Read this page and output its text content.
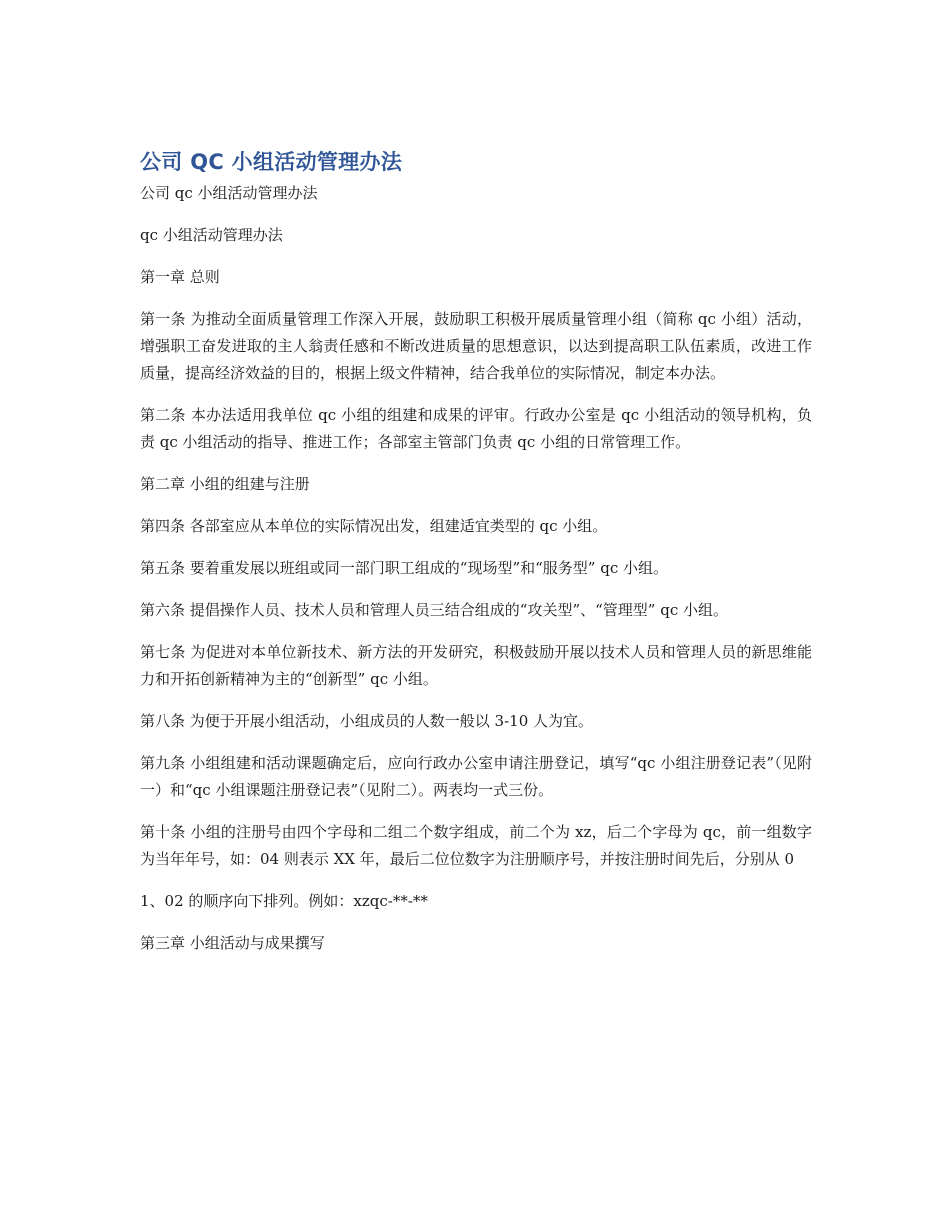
公司 QC 小组活动管理办法

公司 qc 小组活动管理办法

qc 小组活动管理办法

第一章 总则

第一条 为推动全面质量管理工作深入开展，鼓励职工积极开展质量管理小组（简称 qc 小组）活动，增强职工奋发进取的主人翁责任感和不断改进质量的思想意识，以达到提高职工队伍素质，改进工作质量，提高经济效益的目的，根据上级文件精神，结合我单位的实际情况，制定本办法。

第二条 本办法适用我单位 qc 小组的组建和成果的评审。行政办公室是 qc 小组活动的领导机构，负责 qc 小组活动的指导、推进工作；各部室主管部门负责 qc 小组的日常管理工作。

第二章 小组的组建与注册

第四条 各部室应从本单位的实际情况出发，组建适宜类型的 qc 小组。

第五条 要着重发展以班组或同一部门职工组成的“现场型”和“服务型” qc 小组。

第六条 提倡操作人员、技术人员和管理人员三结合组成的“攻关型”、“管理型” qc 小组。

第七条 为促进对本单位新技术、新方法的开发研究，积极鼓励开展以技术人员和管理人员的新思维能力和开拓创新精神为主的“创新型” qc 小组。

第八条 为便于开展小组活动，小组成员的人数一般以 3-10 人为宜。

第九条 小组组建和活动课题确定后，应向行政办公室申请注册登记，填写“qc 小组注册登记表”（见附一）和“qc 小组课题注册登记表”（见附二）。两表均一式三份。

第十条 小组的注册号由四个字母和二组二个数字组成，前二个为 xz，后二个字母为 qc，前一组数字为当年年号，如：04 则表示 XX 年，最后二位位数字为注册顺序号，并按注册时间先后，分别从 0

1、02 的顺序向下排列。例如：xzqc-**-**

第三章 小组活动与成果撰写
